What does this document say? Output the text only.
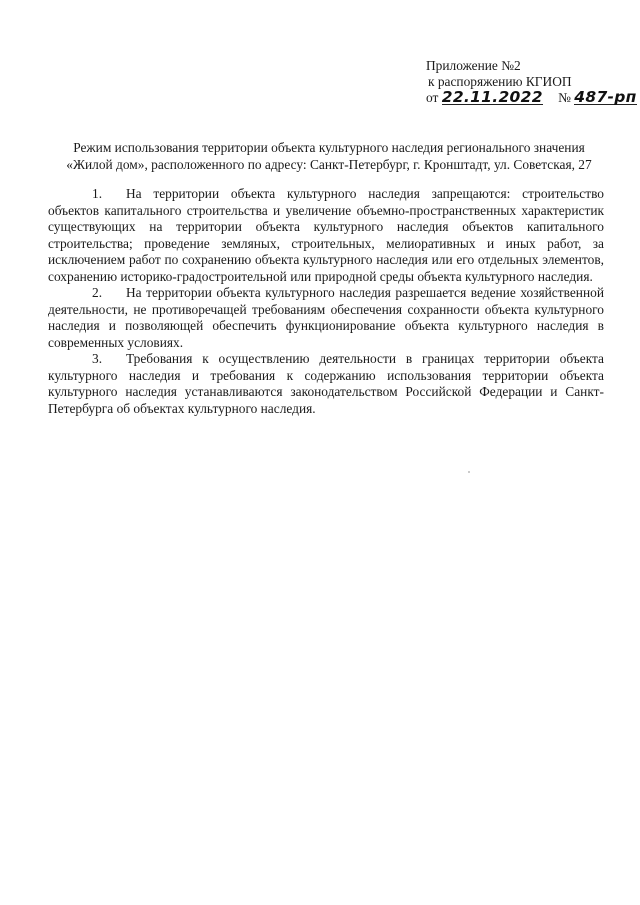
Приложение №2
к распоряжению КГИОП
от 22.11.2022 № 487-рп
Режим использования территории объекта культурного наследия регионального значения
«Жилой дом», расположенного по адресу: Санкт-Петербург, г. Кронштадт, ул. Советская, 27

1. На территории объекта культурного наследия запрещаются: строительство объектов капитального строительства и увеличение объемно-пространственных характеристик существующих на территории объекта культурного наследия объектов капитального строительства; проведение земляных, строительных, мелиоративных и иных работ, за исключением работ по сохранению объекта культурного наследия или его отдельных элементов, сохранению историко-градостроительной или природной среды объекта культурного наследия.

2. На территории объекта культурного наследия разрешается ведение хозяйственной деятельности, не противоречащей требованиям обеспечения сохранности объекта культурного наследия и позволяющей обеспечить функционирование объекта культурного наследия в современных условиях.

3. Требования к осуществлению деятельности в границах территории объекта культурного наследия и требования к содержанию использования территории объекта культурного наследия устанавливаются законодательством Российской Федерации и Санкт-Петербурга об объектах культурного наследия.
